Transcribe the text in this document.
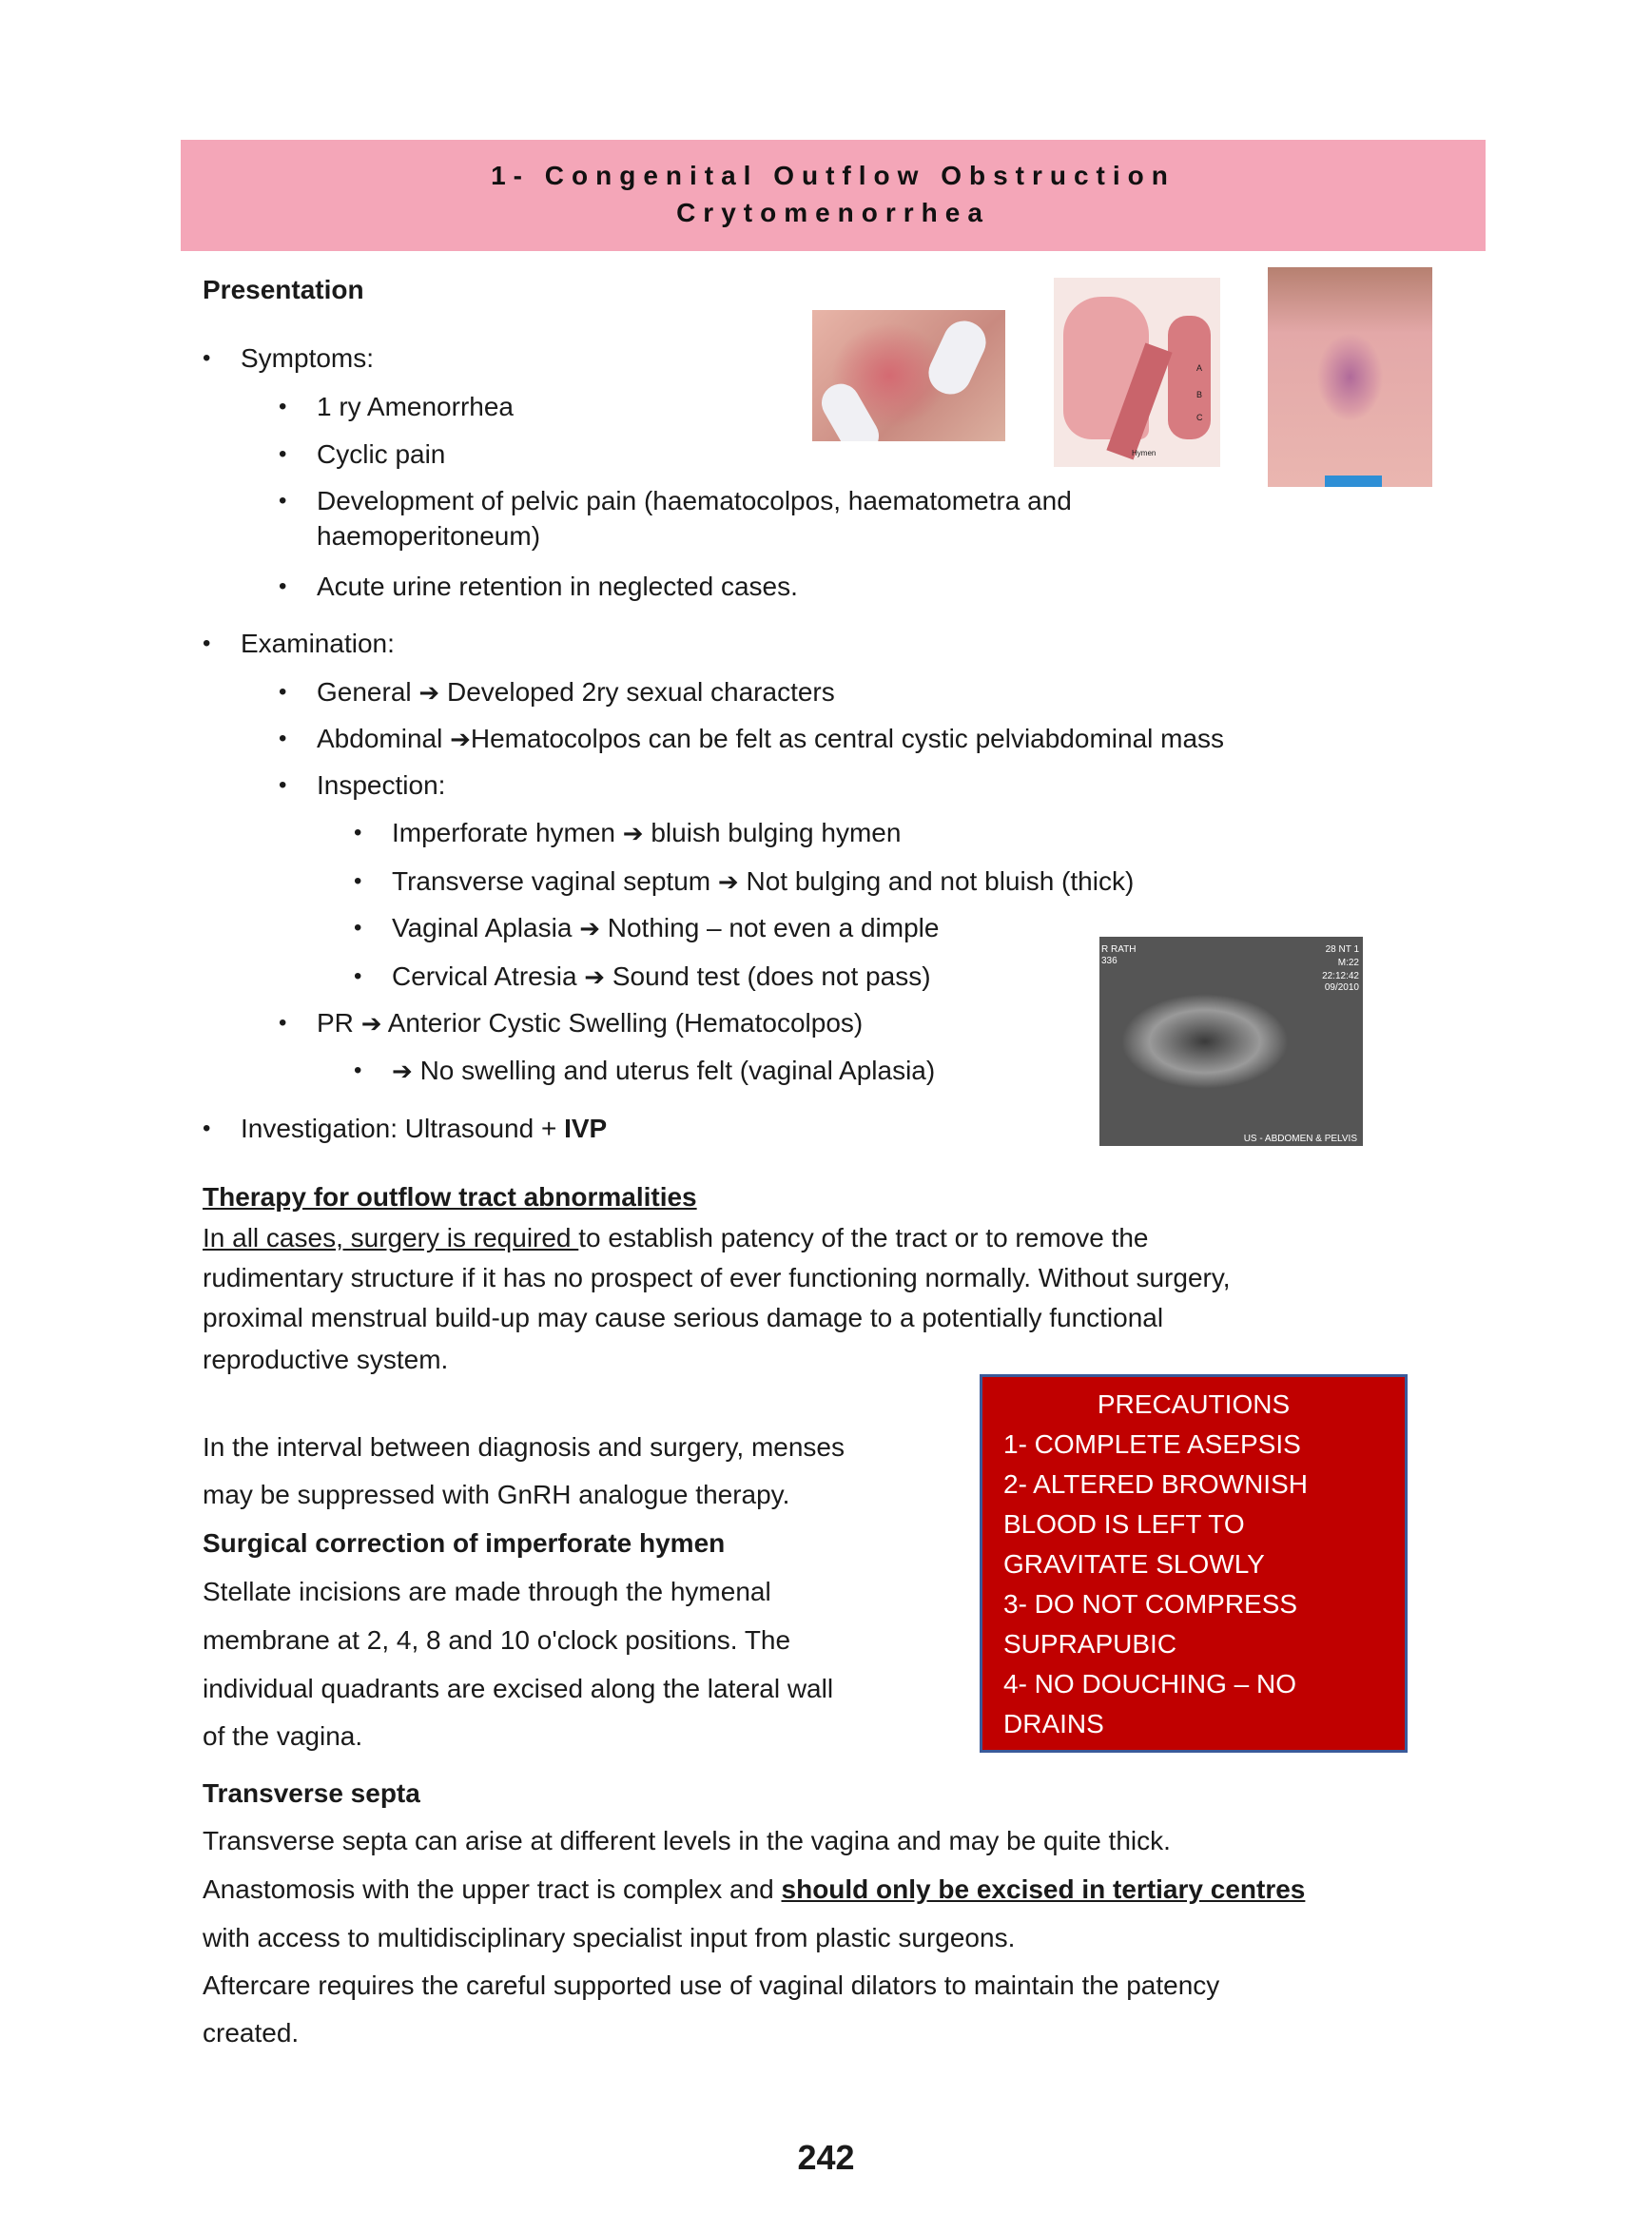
1- Congenital Outflow Obstruction
Crytomenorrhea
A
B
C
Hymen
R RATH
336
28 NT 1
M:22
22:12:42
09/2010
US - ABDOMEN & PELVIS
Presentation
• Symptoms:
• 1 ry Amenorrhea
• Cyclic pain
• Development of pelvic pain (haematocolpos, haematometra and
haemoperitoneum)
• Acute urine retention in neglected cases.
• Examination:
• General ➔ Developed 2ry sexual characters
• Abdominal ➔Hematocolpos can be felt as central cystic pelviabdominal mass
• Inspection:
• Imperforate hymen ➔ bluish bulging hymen
• Transverse vaginal septum ➔ Not bulging and not bluish (thick)
• Vaginal Aplasia ➔ Nothing – not even a dimple
• Cervical Atresia ➔ Sound test (does not pass)
• PR ➔ Anterior Cystic Swelling (Hematocolpos)
• ➔ No swelling and uterus felt (vaginal Aplasia)
• Investigation: Ultrasound + IVP
Therapy for outflow tract abnormalities
In all cases, surgery is required to establish patency of the tract or to remove the
rudimentary structure if it has no prospect of ever functioning normally. Without surgery,
proximal menstrual build-up may cause serious damage to a potentially functional
reproductive system.
In the interval between diagnosis and surgery, menses
may be suppressed with GnRH analogue therapy.
Surgical correction of imperforate hymen
Stellate incisions are made through the hymenal
membrane at 2, 4, 8 and 10 o'clock positions. The
individual quadrants are excised along the lateral wall
of the vagina.
Transverse septa
Transverse septa can arise at different levels in the vagina and may be quite thick.
Anastomosis with the upper tract is complex and should only be excised in tertiary centres
with access to multidisciplinary specialist input from plastic surgeons.
Aftercare requires the careful supported use of vaginal dilators to maintain the patency
created.
PRECAUTIONS
1- COMPLETE ASEPSIS
2- ALTERED BROWNISH
BLOOD IS LEFT TO
GRAVITATE SLOWLY
3- DO NOT COMPRESS
SUPRAPUBIC
4- NO DOUCHING – NO
DRAINS
242
